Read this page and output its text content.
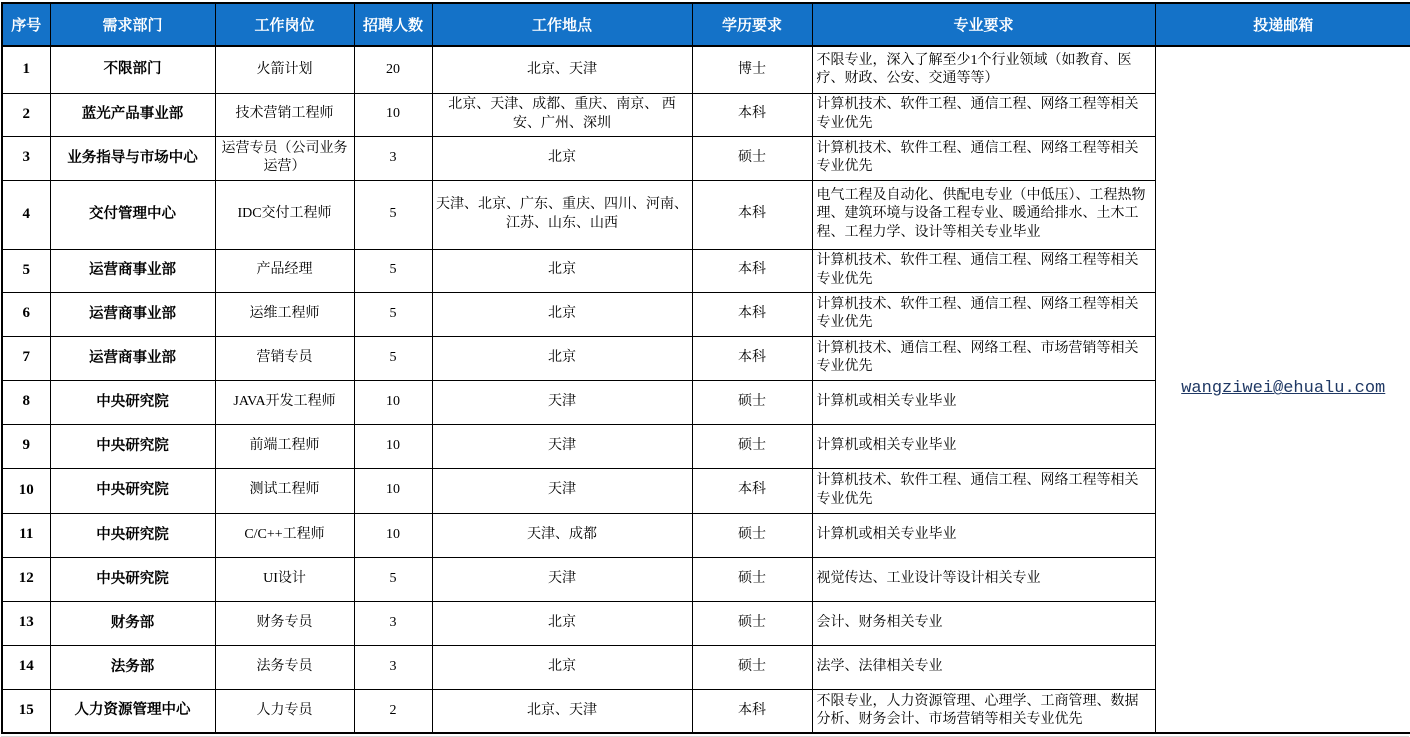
序号	需求部门	工作岗位	招聘人数	工作地点	学历要求	专业要求	投递邮箱
1	不限部门	火箭计划	20	北京、天津	博士	不限专业，深入了解至少1个行业领域（如教育、医疗、财政、公安、交通等等）	wangziwei@ehualu.com
2	蓝光产品事业部	技术营销工程师	10	北京、天津、成都、重庆、南京、 西安、广州、深圳	本科	计算机技术、软件工程、通信工程、网络工程等相关专业优先	
3	业务指导与市场中心	运营专员（公司业务运营）	3	北京	硕士	计算机技术、软件工程、通信工程、网络工程等相关专业优先	
4	交付管理中心	IDC交付工程师	5	天津、北京、广东、重庆、四川、河南、江苏、山东、山西	本科	电气工程及自动化、供配电专业（中低压）、工程热物理、建筑环境与设备工程专业、暖通给排水、土木工程、工程力学、设计等相关专业毕业	
5	运营商事业部	产品经理	5	北京	本科	计算机技术、软件工程、通信工程、网络工程等相关专业优先	
6	运营商事业部	运维工程师	5	北京	本科	计算机技术、软件工程、通信工程、网络工程等相关专业优先	
7	运营商事业部	营销专员	5	北京	本科	计算机技术、通信工程、网络工程、市场营销等相关专业优先	
8	中央研究院	JAVA开发工程师	10	天津	硕士	计算机或相关专业毕业	
9	中央研究院	前端工程师	10	天津	硕士	计算机或相关专业毕业	
10	中央研究院	测试工程师	10	天津	本科	计算机技术、软件工程、通信工程、网络工程等相关专业优先	
11	中央研究院	C/C++工程师	10	天津、成都	硕士	计算机或相关专业毕业	
12	中央研究院	UI设计	5	天津	硕士	视觉传达、工业设计等设计相关专业	
13	财务部	财务专员	3	北京	硕士	会计、财务相关专业	
14	法务部	法务专员	3	北京	硕士	法学、法律相关专业	
15	人力资源管理中心	人力专员	2	北京、天津	本科	不限专业，人力资源管理、心理学、工商管理、数据分析、财务会计、市场营销等相关专业优先	
